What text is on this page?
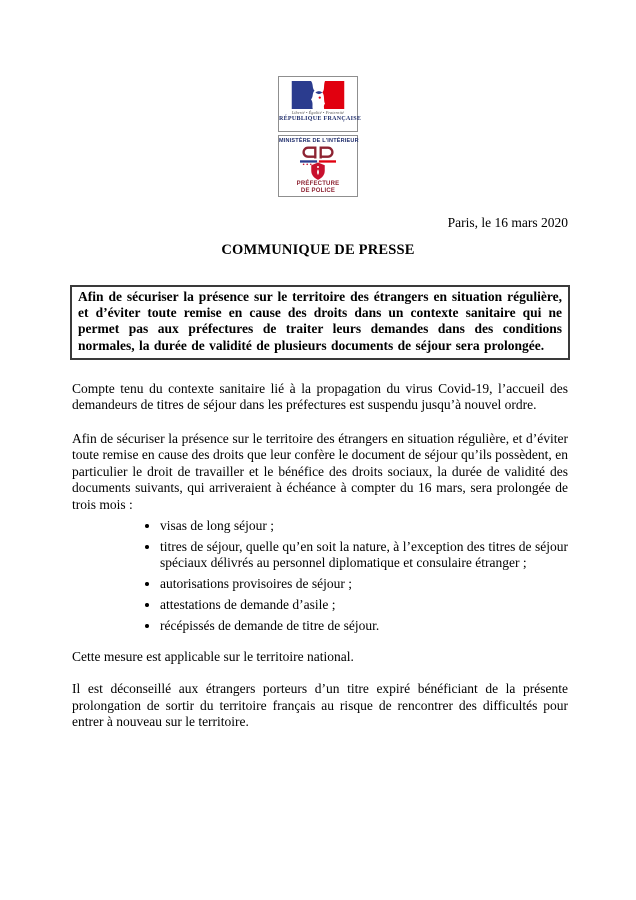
Liberté • Égalité • Fraternité
RÉPUBLIQUE FRANÇAISE
MINISTÈRE DE L'INTÉRIEUR
PRÉFECTURE
DE POLICE
Paris, le 16 mars 2020
COMMUNIQUE DE PRESSE
Afin de sécuriser la présence sur le territoire des étrangers en situation régulière, et d’éviter toute remise en cause des droits dans un contexte sanitaire qui ne permet pas aux préfectures de traiter leurs demandes dans des conditions normales, la durée de validité de plusieurs documents de séjour sera prolongée.

Compte tenu du contexte sanitaire lié à la propagation du virus Covid-19, l’accueil des demandeurs de titres de séjour dans les préfectures est suspendu jusqu’à nouvel ordre.

Afin de sécuriser la présence sur le territoire des étrangers en situation régulière, et d’éviter toute remise en cause des droits que leur confère le document de séjour qu’ils possèdent, en particulier le droit de travailler et le bénéfice des droits sociaux, la durée de validité des documents suivants, qui arriveraient à échéance à compter du 16 mars, sera prolongée de trois mois :

• visas de long séjour ;
• titres de séjour, quelle qu’en soit la nature, à l’exception des titres de séjour spéciaux délivrés au personnel diplomatique et consulaire étranger ;
• autorisations provisoires de séjour ;
• attestations de demande d’asile ;
• récépissés de demande de titre de séjour.

Cette mesure est applicable sur le territoire national.

Il est déconseillé aux étrangers porteurs d’un titre expiré bénéficiant de la présente prolongation de sortir du territoire français au risque de rencontrer des difficultés pour entrer à nouveau sur le territoire.
